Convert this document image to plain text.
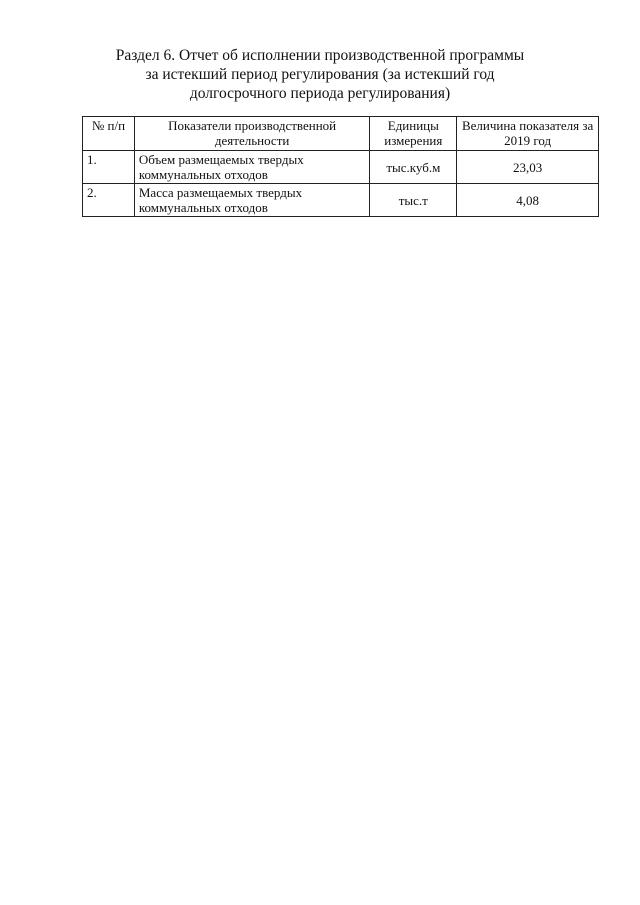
Раздел 6. Отчет об исполнении производственной программы
за истекший период регулирования (за истекший год
долгосрочного периода регулирования)
№ п/п	Показатели производственной деятельности	Единицы измерения	Величина показателя за 2019 год
1.	Объем размещаемых твердых коммунальных отходов	тыс.куб.м	23,03
2.	Масса размещаемых твердых коммунальных отходов	тыс.т	4,08
